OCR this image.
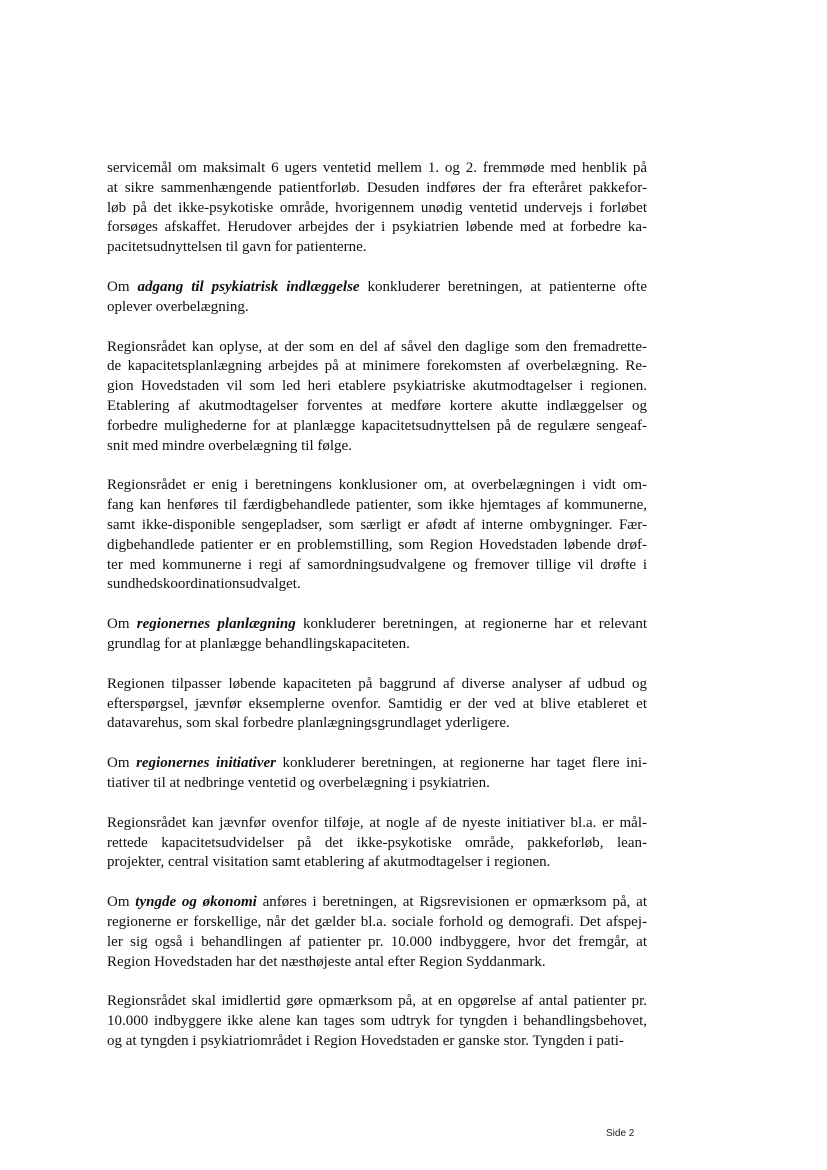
servicemål om maksimalt 6 ugers ventetid mellem 1. og 2. fremmøde med henblik på
at sikre sammenhængende patientforløb. Desuden indføres der fra efteråret pakkefor-
løb på det ikke-psykotiske område, hvorigennem unødig ventetid undervejs i forløbet
forsøges afskaffet. Herudover arbejdes der i psykiatrien løbende med at forbedre ka-
pacitetsudnyttelsen til gavn for patienterne.
Om adgang til psykiatrisk indlæggelse konkluderer beretningen, at patienterne ofte
oplever overbelægning.
Regionsrådet kan oplyse, at der som en del af såvel den daglige som den fremadrette-
de kapacitetsplanlægning arbejdes på at minimere forekomsten af overbelægning. Re-
gion Hovedstaden vil som led heri etablere psykiatriske akutmodtagelser i regionen.
Etablering af akutmodtagelser forventes at medføre kortere akutte indlæggelser og
forbedre mulighederne for at planlægge kapacitetsudnyttelsen på de regulære sengeaf-
snit med mindre overbelægning til følge.
Regionsrådet er enig i beretningens konklusioner om, at overbelægningen i vidt om-
fang kan henføres til færdigbehandlede patienter, som ikke hjemtages af kommunerne,
samt ikke-disponible sengepladser, som særligt er afødt af interne ombygninger. Fær-
digbehandlede patienter er en problemstilling, som Region Hovedstaden løbende drøf-
ter med kommunerne i regi af samordningsudvalgene og fremover tillige vil drøfte i
sundhedskoordinationsudvalget.
Om regionernes planlægning konkluderer beretningen, at regionerne har et relevant
grundlag for at planlægge behandlingskapaciteten.
Regionen tilpasser løbende kapaciteten på baggrund af diverse analyser af udbud og
efterspørgsel, jævnfør eksemplerne ovenfor. Samtidig er der ved at blive etableret et
datavarehus, som skal forbedre planlægningsgrundlaget yderligere.
Om regionernes initiativer konkluderer beretningen, at regionerne har taget flere ini-
tiativer til at nedbringe ventetid og overbelægning i psykiatrien.
Regionsrådet kan jævnfør ovenfor tilføje, at nogle af de nyeste initiativer bl.a. er mål-
rettede kapacitetsudvidelser på det ikke-psykotiske område, pakkeforløb, lean-
projekter, central visitation samt etablering af akutmodtagelser i regionen.
Om tyngde og økonomi anføres i beretningen, at Rigsrevisionen er opmærksom på, at
regionerne er forskellige, når det gælder bl.a. sociale forhold og demografi. Det afspej-
ler sig også i behandlingen af patienter pr. 10.000 indbyggere, hvor det fremgår, at
Region Hovedstaden har det næsthøjeste antal efter Region Syddanmark.
Regionsrådet skal imidlertid gøre opmærksom på, at en opgørelse af antal patienter pr.
10.000 indbyggere ikke alene kan tages som udtryk for tyngden i behandlingsbehovet,
og at tyngden i psykiatriområdet i Region Hovedstaden er ganske stor. Tyngden i pati-
Side 2
